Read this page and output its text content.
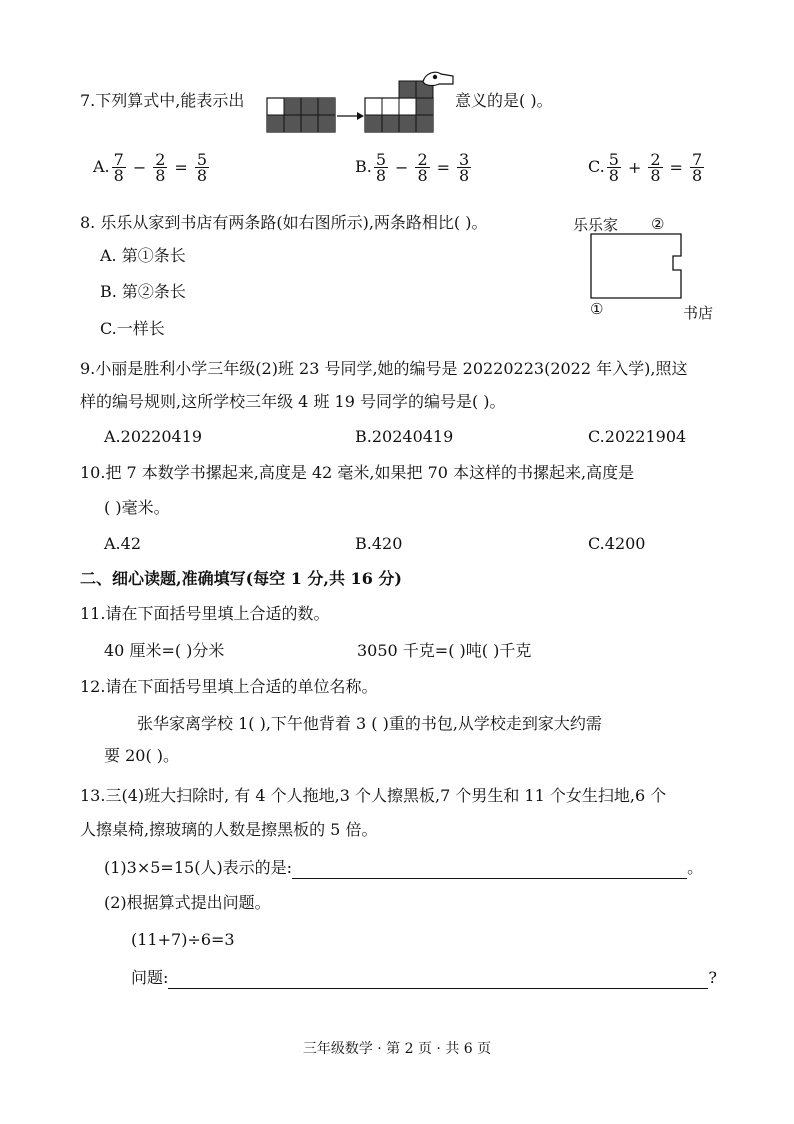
7.下列算式中,能表示出	意义的是( )。
A. $\frac{7}{8} - \frac{2}{8} = \frac{5}{8}$	B. $\frac{5}{8} - \frac{2}{8} = \frac{3}{8}$	C. $\frac{5}{8} + \frac{2}{8} = \frac{7}{8}$
8. 乐乐从家到书店有两条路(如右图所示),两条路相比( )。
A. 第①条长
B. 第②条长
C.一样长
乐乐家 ②
①	书店
9.小丽是胜利小学三年级(2)班 23 号同学,她的编号是 20220223(2022 年入学),照这
样的编号规则,这所学校三年级 4 班 19 号同学的编号是( )。
A.20220419	B.20240419	C.20221904
10.把 7 本数学书摞起来,高度是 42 毫米,如果把 70 本这样的书摞起来,高度是
( )毫米。
A.42	B.420	C.4200
二、细心读题,准确填写(每空 1 分,共 16 分)
11.请在下面括号里填上合适的数。
40 厘米=( )分米	3050 千克=( )吨( )千克
12.请在下面括号里填上合适的单位名称。
张华家离学校 1( ),下午他背着 3 ( )重的书包,从学校走到家大约需
要 20( )。
13.三(4)班大扫除时, 有 4 个人拖地,3 个人擦黑板,7 个男生和 11 个女生扫地,6 个
人擦桌椅,擦玻璃的人数是擦黑板的 5 倍。
(1)3×5=15(人)表示的是:	。
(2)根据算式提出问题。
(11+7)÷6=3
问题:	?
三年级数学 · 第 2 页 · 共 6 页
